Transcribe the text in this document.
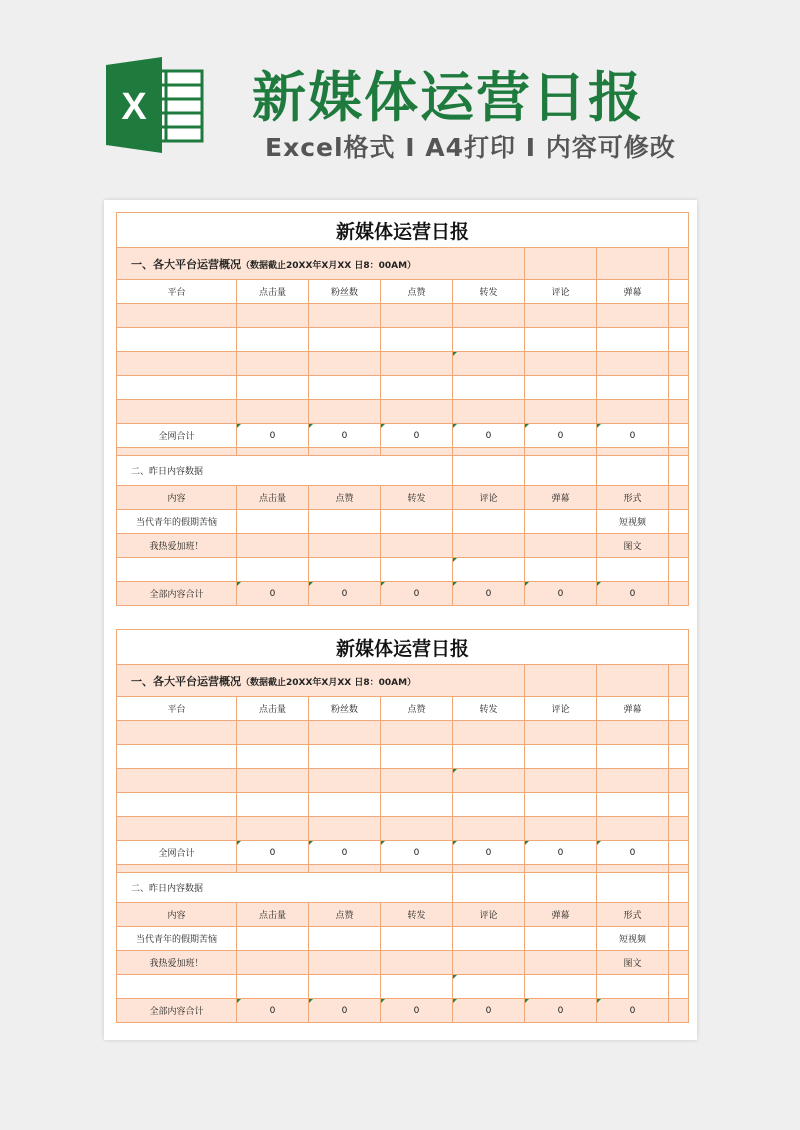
X 新媒体运营日报
Excel格式 I A4打印 I 内容可修改
新媒体运营日报							
一、各大平台运营概况（数据截止20XX年X月XX 日8：00AM）							
平台	点击量	粉丝数	点赞	转发	评论	弹幕	

全网合计	0	0	0	0	0	0	

二、昨日内容数据							
内容	点击量	点赞	转发	评论	弹幕	形式	
当代青年的假期苦恼						短视频	
我热爱加班！						图文	

全部内容合计	0	0	0	0	0	0	
新媒体运营日报							
一、各大平台运营概况（数据截止20XX年X月XX 日8：00AM）							
平台	点击量	粉丝数	点赞	转发	评论	弹幕	

全网合计	0	0	0	0	0	0	

二、昨日内容数据							
内容	点击量	点赞	转发	评论	弹幕	形式	
当代青年的假期苦恼						短视频	
我热爱加班！						图文	

全部内容合计	0	0	0	0	0	0	
